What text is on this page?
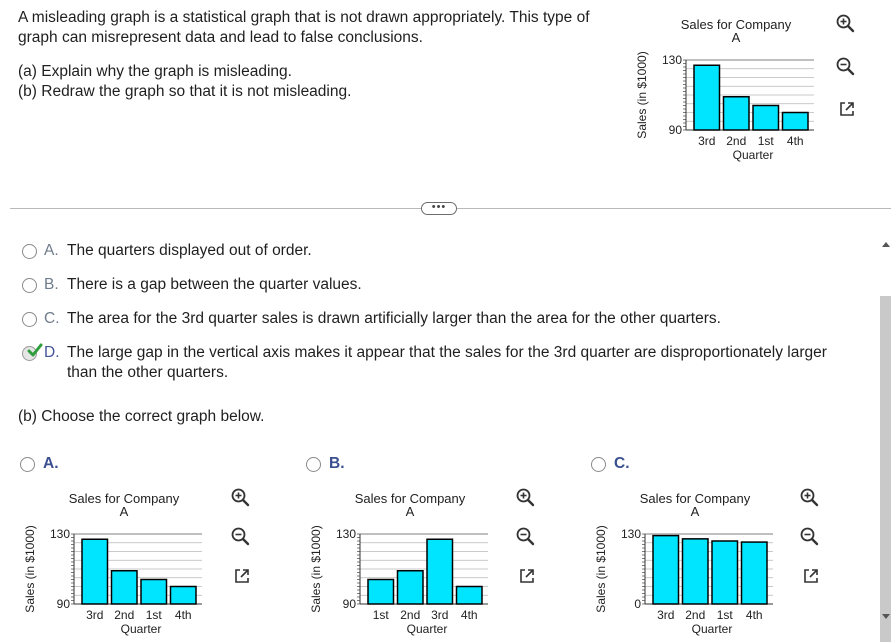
A misleading graph is a statistical graph that is not drawn appropriately. This type of graph can misrepresent data and lead to false conclusions.
(a) Explain why the graph is misleading.
(b) Redraw the graph so that it is not misleading.
Sales for Company
A
Sales (in $1000) 90
130
3rd 2nd 1st 4th
Quarter
•••
A. The quarters displayed out of order.
B. There is a gap between the quarter values.
C. The area for the 3rd quarter sales is drawn artificially larger than the area for the other quarters.
D. The large gap in the vertical axis makes it appear that the sales for the 3rd quarter are disproportionately larger than the other quarters.
(b) Choose the correct graph below.
A.	B.	C.
Sales for Company
A
Sales (in $1000) 90
130
3rd 2nd 1st 4th
Quarter
Sales for Company
A
Sales (in $1000) 90
130
1st 2nd 3rd 4th
Quarter
Sales for Company
A
Sales (in $1000) 0
130
3rd 2nd 1st 4th
Quarter
